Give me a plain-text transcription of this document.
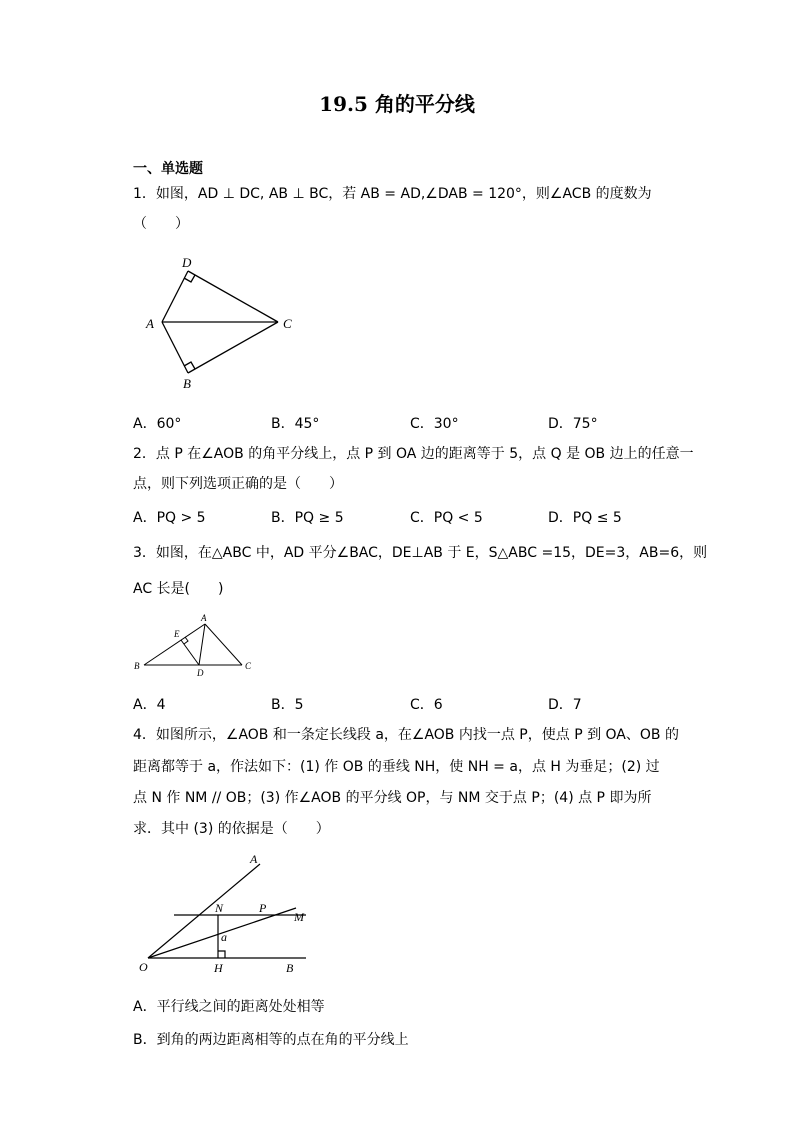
19.5 角的平分线
一、单选题
1．如图，AD ⊥ DC, AB ⊥ BC，若 AB = AD,∠DAB = 120°，则∠ACB 的度数为
（　　）
D
A	C
B
A．60°	B．45°	C．30°	D．75°
2．点 P 在∠AOB 的角平分线上，点 P 到 OA 边的距离等于 5，点 Q 是 OB 边上的任意一
点，则下列选项正确的是（　　）
A．PQ > 5	B．PQ ≥ 5	C．PQ < 5	D．PQ ≤ 5
3．如图，在△ABC 中，AD 平分∠BAC，DE⊥AB 于 E，S△ABC =15，DE=3，AB=6，则
AC 长是(　　)
A
E
B
D
C
A．4	B．5	C．6	D．7
4．如图所示，∠AOB 和一条定长线段 a，在∠AOB 内找一点 P，使点 P 到 OA、OB 的
距离都等于 a，作法如下：(1) 作 OB 的垂线 NH，使 NH = a，点 H 为垂足；(2) 过
点 N 作 NM // OB；(3) 作∠AOB 的平分线 OP，与 NM 交于点 P；(4) 点 P 即为所
求．其中 (3) 的依据是（　　）
A
N	P
M
a
O	H	B
A．平行线之间的距离处处相等
B．到角的两边距离相等的点在角的平分线上
